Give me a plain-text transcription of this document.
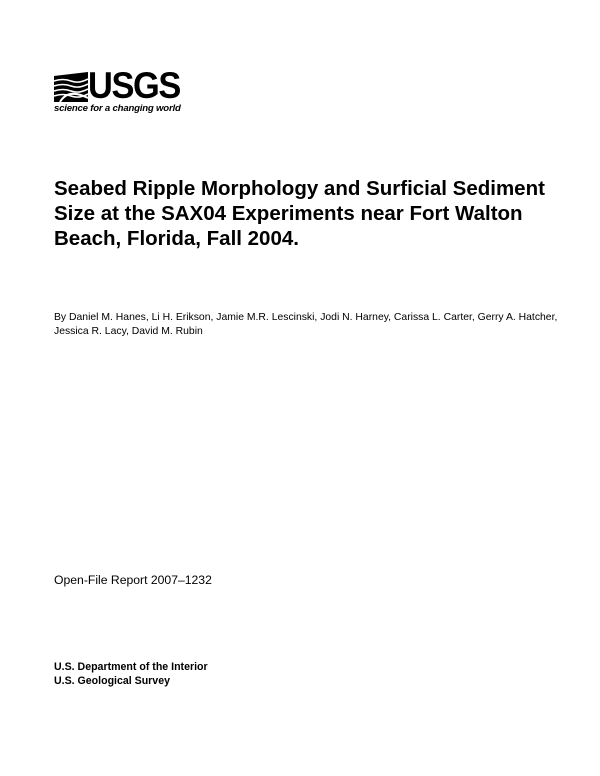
USGS
science for a changing world
Seabed Ripple Morphology and Surficial Sediment Size at the SAX04 Experiments near Fort Walton Beach, Florida, Fall 2004.

By Daniel M. Hanes, Li H. Erikson, Jamie M.R. Lescinski, Jodi N. Harney, Carissa L. Carter, Gerry A. Hatcher, Jessica R. Lacy, David M. Rubin

Open-File Report 2007–1232

U.S. Department of the Interior
U.S. Geological Survey
